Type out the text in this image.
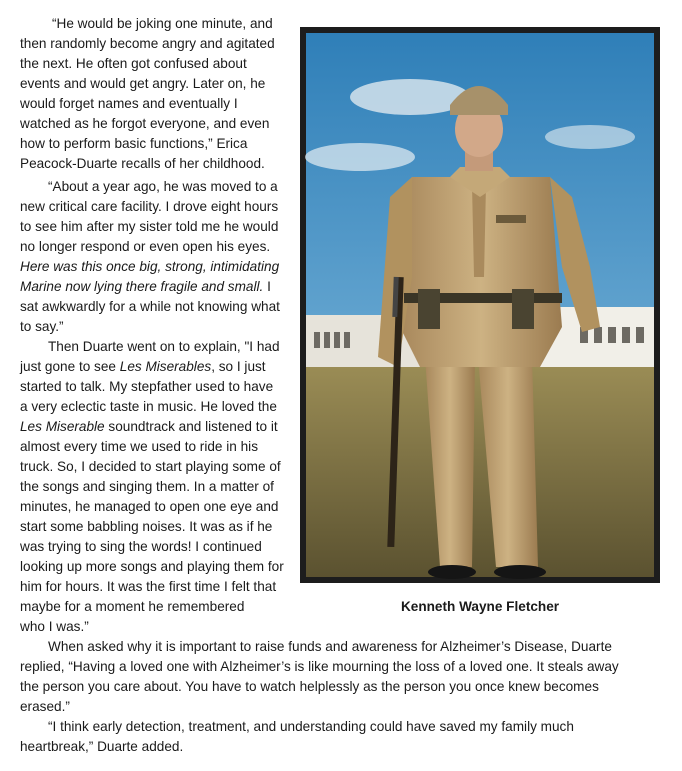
“He would be joking one minute, and

then randomly become angry and agitated

the next. He often got confused about

events and would get angry. Later on, he

would forget names and eventually I

watched as he forgot everyone, and even

how to perform basic functions,” Erica

Peacock-Duarte recalls of her childhood.

“About a year ago, he was moved to a

new critical care facility. I drove eight hours

to see him after my sister told me he would

no longer respond or even open his eyes.

Here was this once big, strong, intimidating

Marine now lying there fragile and small. I

sat awkwardly for a while not knowing what

to say.”

Then Duarte went on to explain, "I had

just gone to see Les Miserables, so I just

started to talk. My stepfather used to have

a very eclectic taste in music. He loved the

Les Miserable soundtrack and listened to it

almost every time we used to ride in his

truck. So, I decided to start playing some of

the songs and singing them. In a matter of

minutes, he managed to open one eye and

start some babbling noises. It was as if he

was trying to sing the words! I continued

looking up more songs and playing them for

him for hours. It was the first time I felt that

maybe for a moment he remembered

who I was.”

When asked why it is important to raise funds and awareness for Alzheimer’s Disease, Duarte

replied, “Having a loved one with Alzheimer’s is like mourning the loss of a loved one. It steals away

the person you care about. You have to watch helplessly as the person you once knew becomes

erased.”

“I think early detection, treatment, and understanding could have saved my family much

heartbreak,” Duarte added.

Kenneth Wayne Fletcher
